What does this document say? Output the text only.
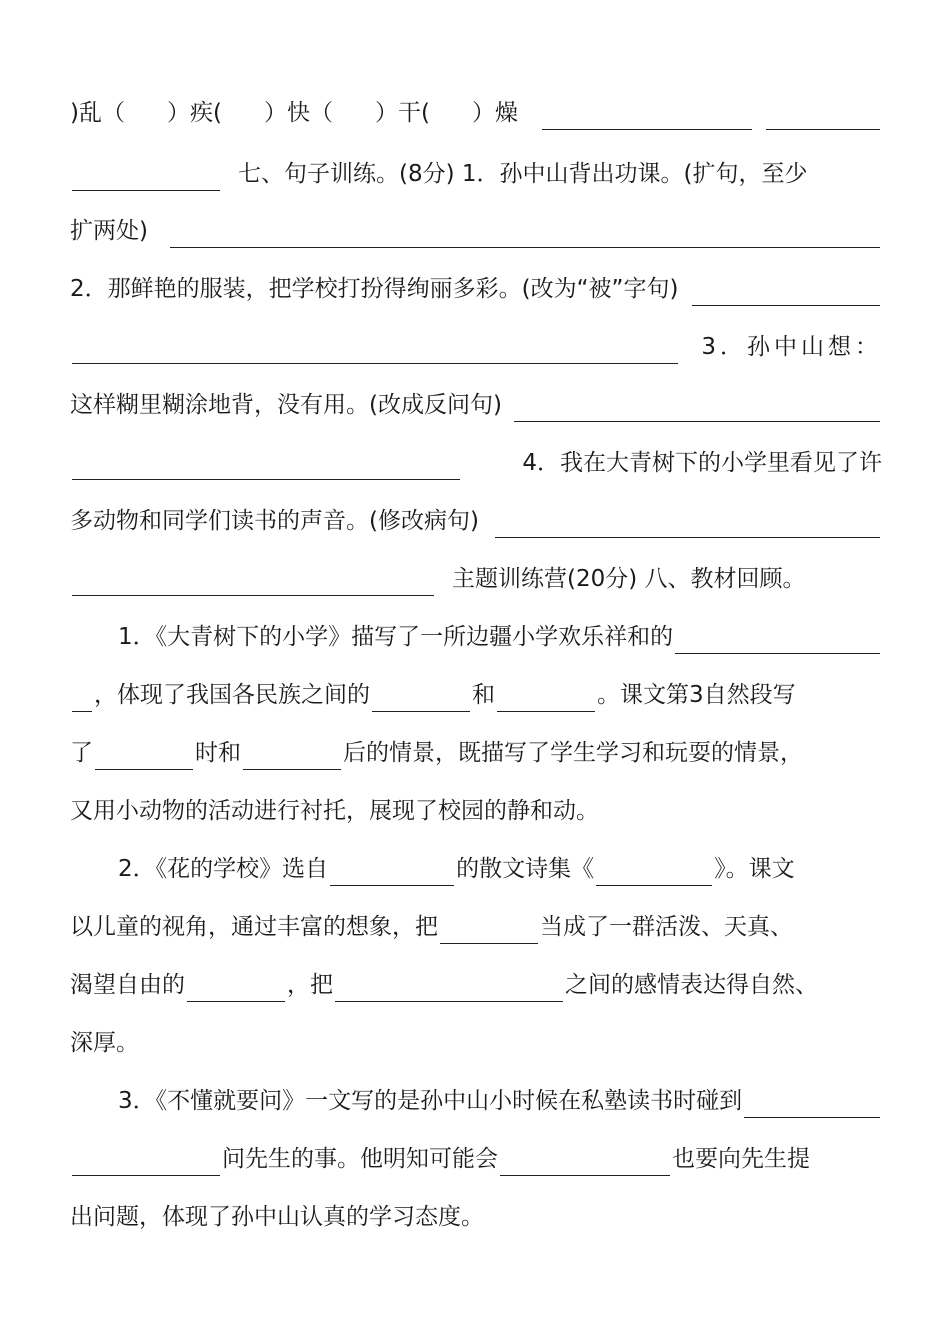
)乱（ ）疾( ）快（ ）干( ）燥
七、句子训练。(8分) 1．孙中山背出功课。(扩句，至少
扩两处)
2．那鲜艳的服装，把学校打扮得绚丽多彩。(改为“被”字句)
3．孙中山想：
这样糊里糊涂地背，没有用。(改成反问句)
4．我在大青树下的小学里看见了许
多动物和同学们读书的声音。(修改病句)
主题训练营(20分) 八、教材回顾。
1．《大青树下的小学》描写了一所边疆小学欢乐祥和的
，体现了我国各民族之间的	和	。课文第3自然段写
了	时和	后的情景，既描写了学生学习和玩耍的情景，
又用小动物的活动进行衬托，展现了校园的静和动。
2．《花的学校》选自	的散文诗集《	》。课文
以儿童的视角，通过丰富的想象，把	当成了一群活泼、天真、
渴望自由的	，把	之间的感情表达得自然、
深厚。
3．《不懂就要问》一文写的是孙中山小时候在私塾读书时碰到
问先生的事。他明知可能会	也要向先生提
出问题，体现了孙中山认真的学习态度。
